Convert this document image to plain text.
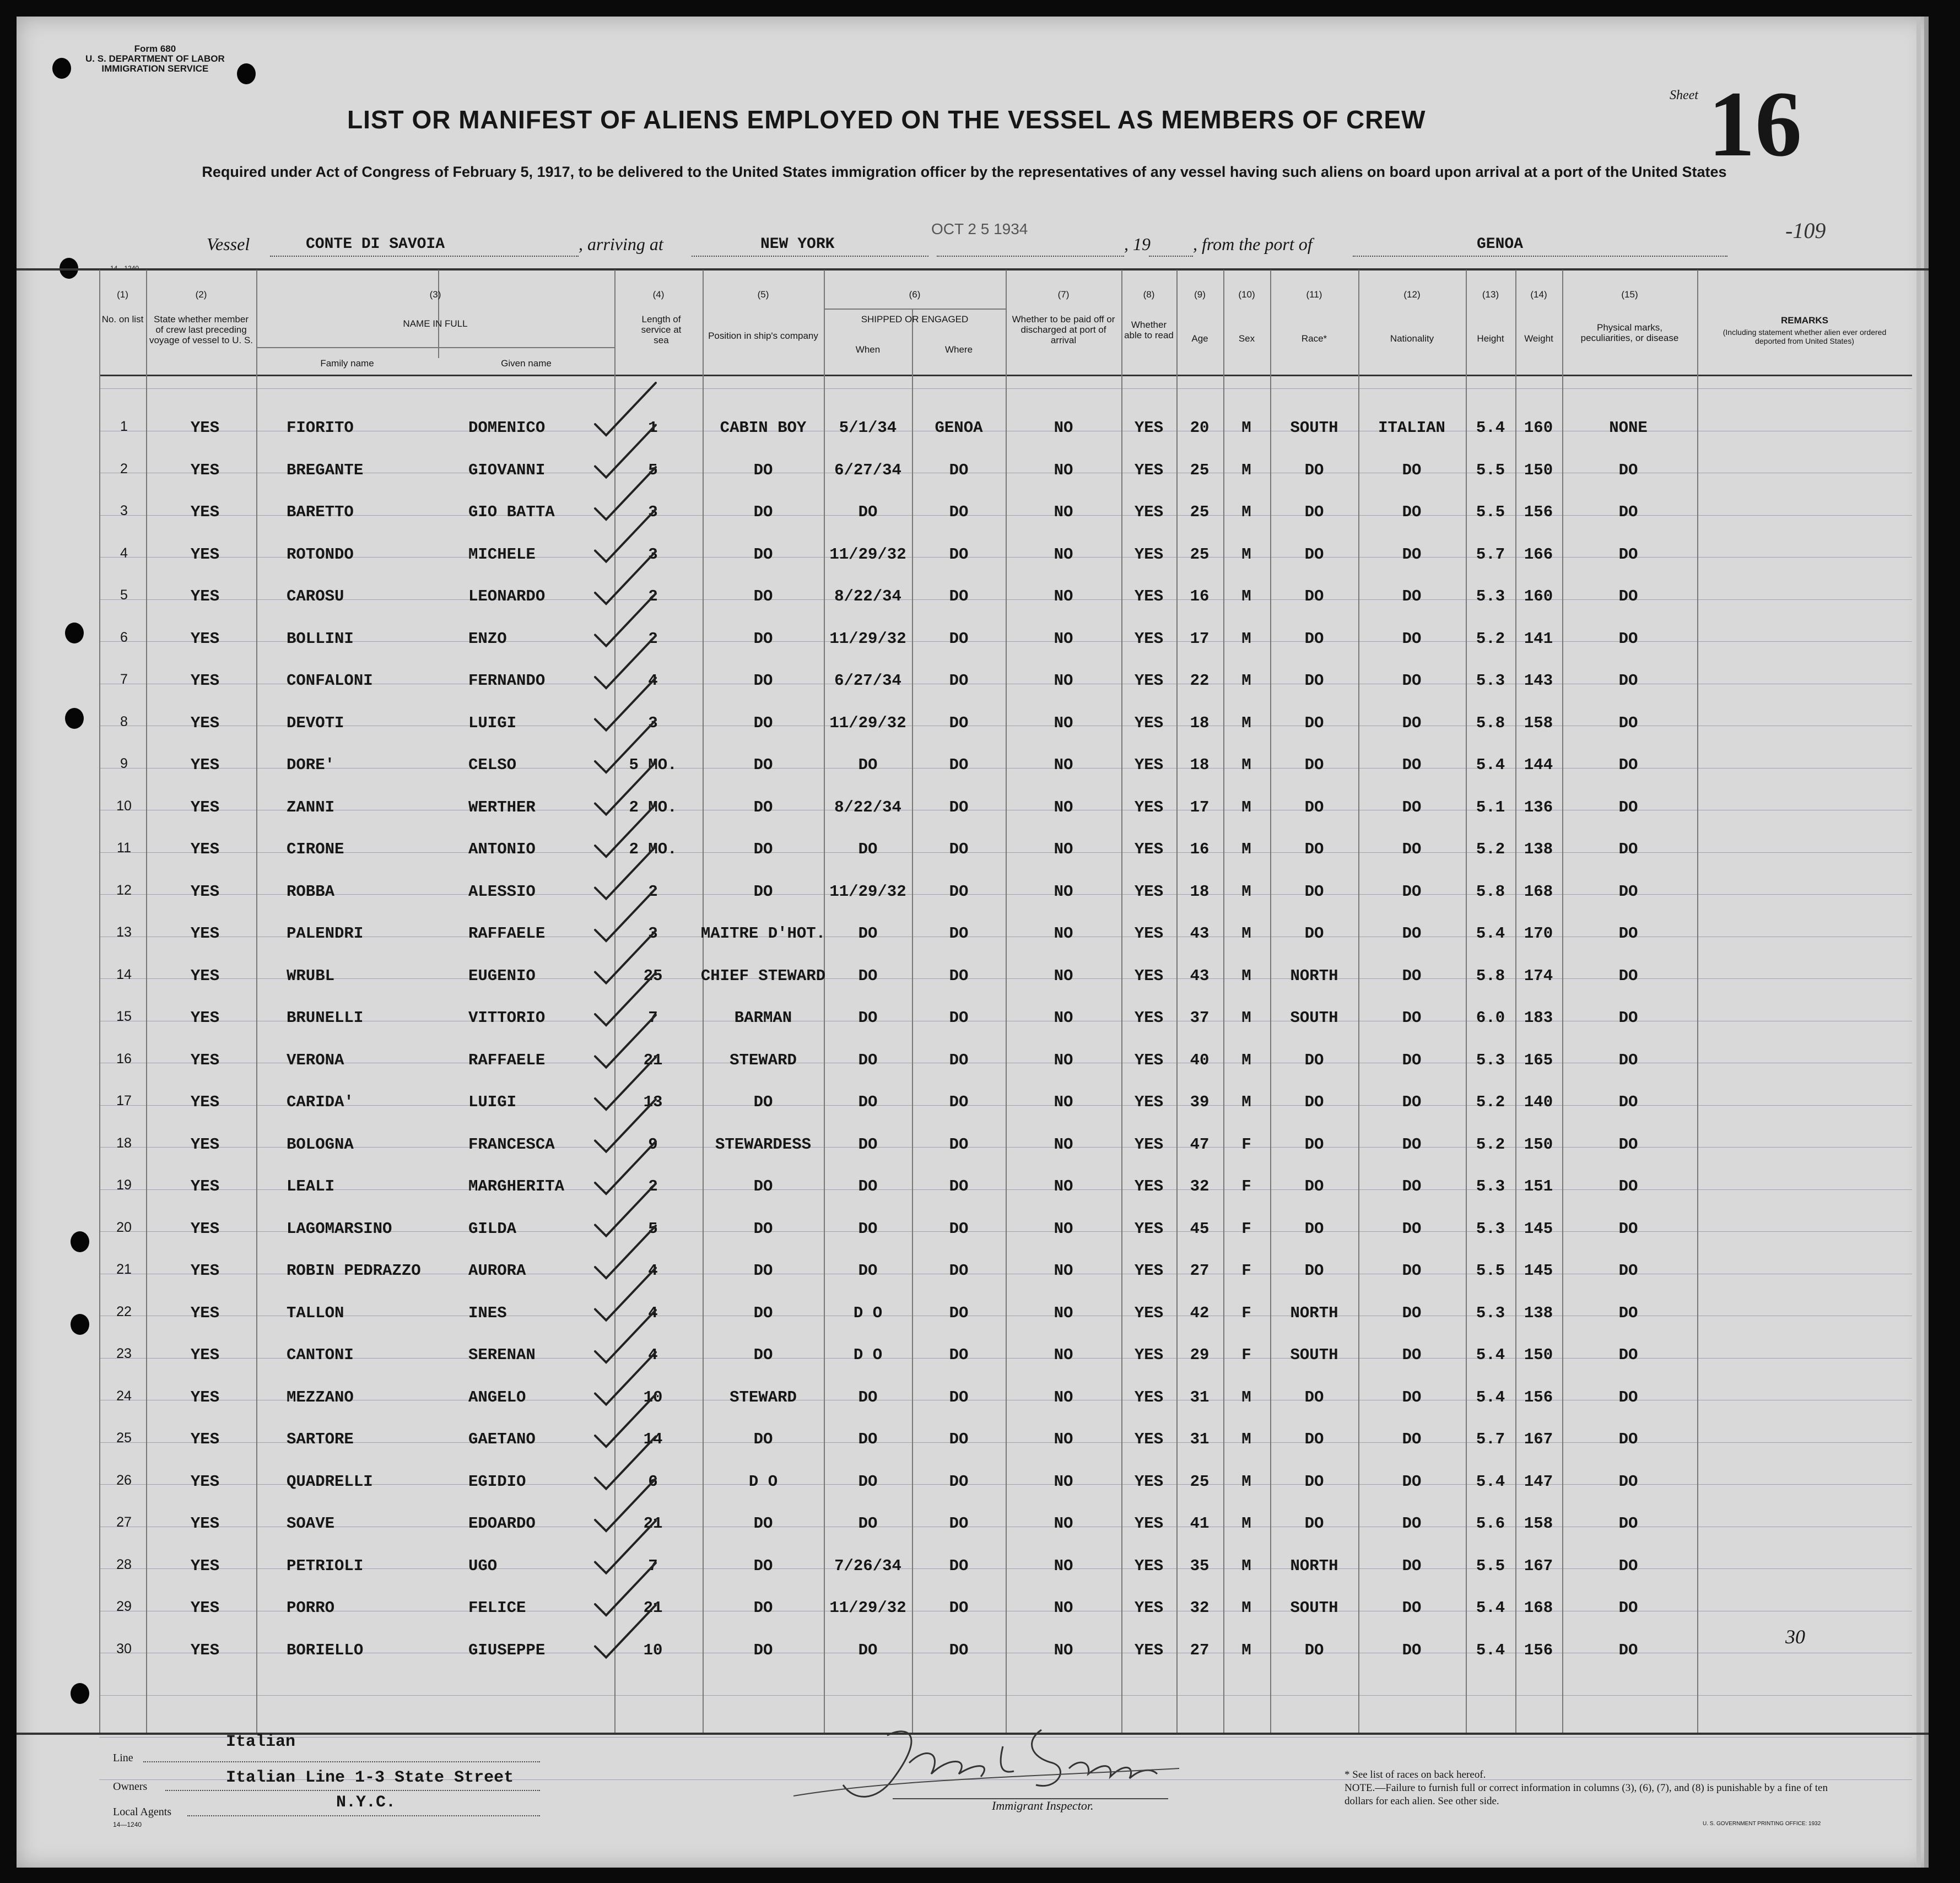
Form 680
U. S. DEPARTMENT OF LABOR
IMMIGRATION SERVICE
LIST OR MANIFEST OF ALIENS EMPLOYED ON THE VESSEL AS MEMBERS OF CREW
Required under Act of Congress of February 5, 1917, to be delivered to the United States immigration officer by the representatives of any vessel having such aliens on board upon arrival at a port of the United States
Sheet 16
Vessel	CONTE DI SAVOIA	, arriving at	NEW YORK
OCT 2 5 1934
, 19 , from the port of	GENOA
-109
(1)
No. on list
(2)
State whether member of crew last preceding voyage of vessel to U. S.
(3)
NAME IN FULL
Family name	Given name
(4)
Length of service at sea
(5)
Position in ship's company
(6)
SHIPPED OR ENGAGED
When	Where
(7)
Whether to be paid off or discharged at port of arrival
(8)
Whether able to read
(9)
Age
(10)
Sex
(11)
Race*
(12)
Nationality
(13)
Height
(14)
Weight
(15)
Physical marks, peculiarities, or disease
REMARKS
(Including statement whether alien ever ordered deported from United States)
1	YES	FIORITO	DOMENICO	1	CABIN BOY	5/1/34	GENOA	NO	YES	20	M	SOUTH	ITALIAN	5.4	160	NONE
2	YES	BREGANTE	GIOVANNI	5	DO	6/27/34	DO	NO	YES	25	M	DO	DO	5.5	150	DO
3	YES	BARETTO	GIO BATTA	3	DO	DO	DO	NO	YES	25	M	DO	DO	5.5	156	DO
4	YES	ROTONDO	MICHELE	3	DO	11/29/32	DO	NO	YES	25	M	DO	DO	5.7	166	DO
5	YES	CAROSU	LEONARDO	2	DO	8/22/34	DO	NO	YES	16	M	DO	DO	5.3	160	DO
6	YES	BOLLINI	ENZO	2	DO	11/29/32	DO	NO	YES	17	M	DO	DO	5.2	141	DO
7	YES	CONFALONI	FERNANDO	4	DO	6/27/34	DO	NO	YES	22	M	DO	DO	5.3	143	DO
8	YES	DEVOTI	LUIGI	3	DO	11/29/32	DO	NO	YES	18	M	DO	DO	5.8	158	DO
9	YES	DORE'	CELSO	5 MO.	DO	DO	DO	NO	YES	18	M	DO	DO	5.4	144	DO
10	YES	ZANNI	WERTHER	2 MO.	DO	8/22/34	DO	NO	YES	17	M	DO	DO	5.1	136	DO
11	YES	CIRONE	ANTONIO	2 MO.	DO	DO	DO	NO	YES	16	M	DO	DO	5.2	138	DO
12	YES	ROBBA	ALESSIO	2	DO	11/29/32	DO	NO	YES	18	M	DO	DO	5.8	168	DO
13	YES	PALENDRI	RAFFAELE	3	MAITRE D'HOT.	DO	DO	NO	YES	43	M	DO	DO	5.4	170	DO
14	YES	WRUBL	EUGENIO	25	CHIEF STEWARD	DO	DO	NO	YES	43	M	NORTH	DO	5.8	174	DO
15	YES	BRUNELLI	VITTORIO	7	BARMAN	DO	DO	NO	YES	37	M	SOUTH	DO	6.0	183	DO
16	YES	VERONA	RAFFAELE	21	STEWARD	DO	DO	NO	YES	40	M	DO	DO	5.3	165	DO
17	YES	CARIDA'	LUIGI	13	DO	DO	DO	NO	YES	39	M	DO	DO	5.2	140	DO
18	YES	BOLOGNA	FRANCESCA	9	STEWARDESS	DO	DO	NO	YES	47	F	DO	DO	5.2	150	DO
19	YES	LEALI	MARGHERITA	2	DO	DO	DO	NO	YES	32	F	DO	DO	5.3	151	DO
20	YES	LAGOMARSINO	GILDA	5	DO	DO	DO	NO	YES	45	F	DO	DO	5.3	145	DO
21	YES	ROBIN PEDRAZZO	AURORA	4	DO	DO	DO	NO	YES	27	F	DO	DO	5.5	145	DO
22	YES	TALLON	INES	4	DO	D O	DO	NO	YES	42	F	NORTH	DO	5.3	138	DO
23	YES	CANTONI	SERENAN	4	DO	D O	DO	NO	YES	29	F	SOUTH	DO	5.4	150	DO
24	YES	MEZZANO	ANGELO	10	STEWARD	DO	DO	NO	YES	31	M	DO	DO	5.4	156	DO
25	YES	SARTORE	GAETANO	14	DO	DO	DO	NO	YES	31	M	DO	DO	5.7	167	DO
26	YES	QUADRELLI	EGIDIO	6	D O	DO	DO	NO	YES	25	M	DO	DO	5.4	147	DO
27	YES	SOAVE	EDOARDO	21	DO	DO	DO	NO	YES	41	M	DO	DO	5.6	158	DO
28	YES	PETRIOLI	UGO	7	DO	7/26/34	DO	NO	YES	35	M	NORTH	DO	5.5	167	DO
29	YES	PORRO	FELICE	21	DO	11/29/32	DO	NO	YES	32	M	SOUTH	DO	5.4	168	DO
30	YES	BORIELLO	GIUSEPPE	10	DO	DO	DO	NO	YES	27	M	DO	DO	5.4	156	DO
30
Line
Italian
Owners	Italian Line 1-3 State Street
Local Agents	N.Y.C.
14—1240
Immigrant Inspector.
* See list of races on back hereof.
NOTE.—Failure to furnish full or correct information in columns (3), (6), (7), and (8) is punishable by a fine of ten dollars for each alien. See other side.
U. S. GOVERNMENT PRINTING OFFICE: 1932
